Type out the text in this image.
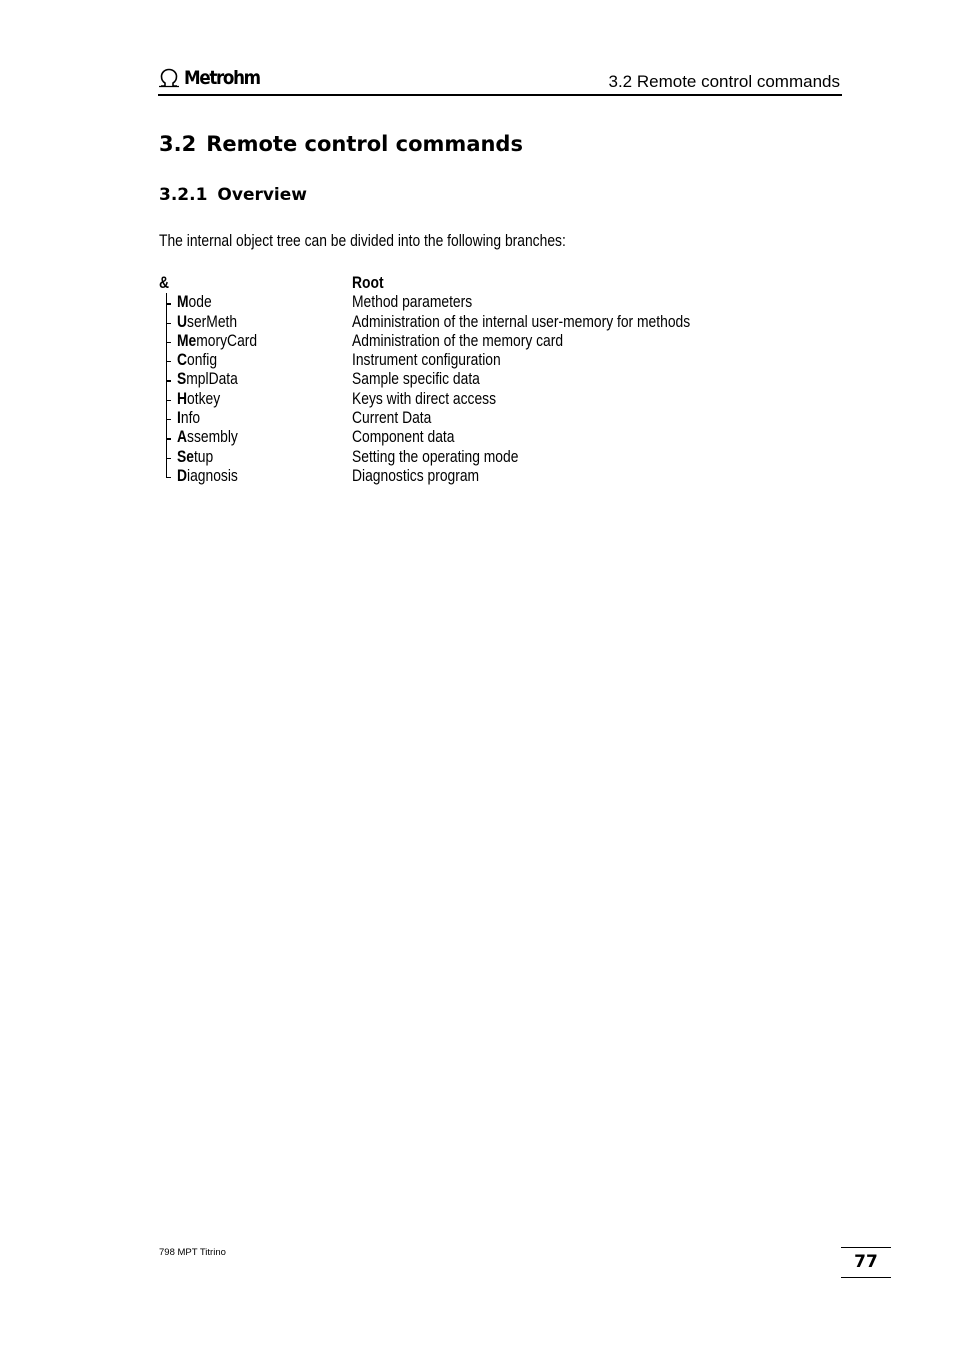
Metrohm	3.2 Remote control commands
3.2 Remote control commands
3.2.1 Overview

The internal object tree can be divided into the following branches:

&	Root
Mode	Method parameters
UserMeth	Administration of the internal user-memory for methods
MemoryCard	Administration of the memory card
Config	Instrument configuration
SmplData	Sample specific data
Hotkey	Keys with direct access
Info	Current Data
Assembly	Component data
Setup	Setting the operating mode
Diagnosis	Diagnostics program
798 MPT Titrino	77
